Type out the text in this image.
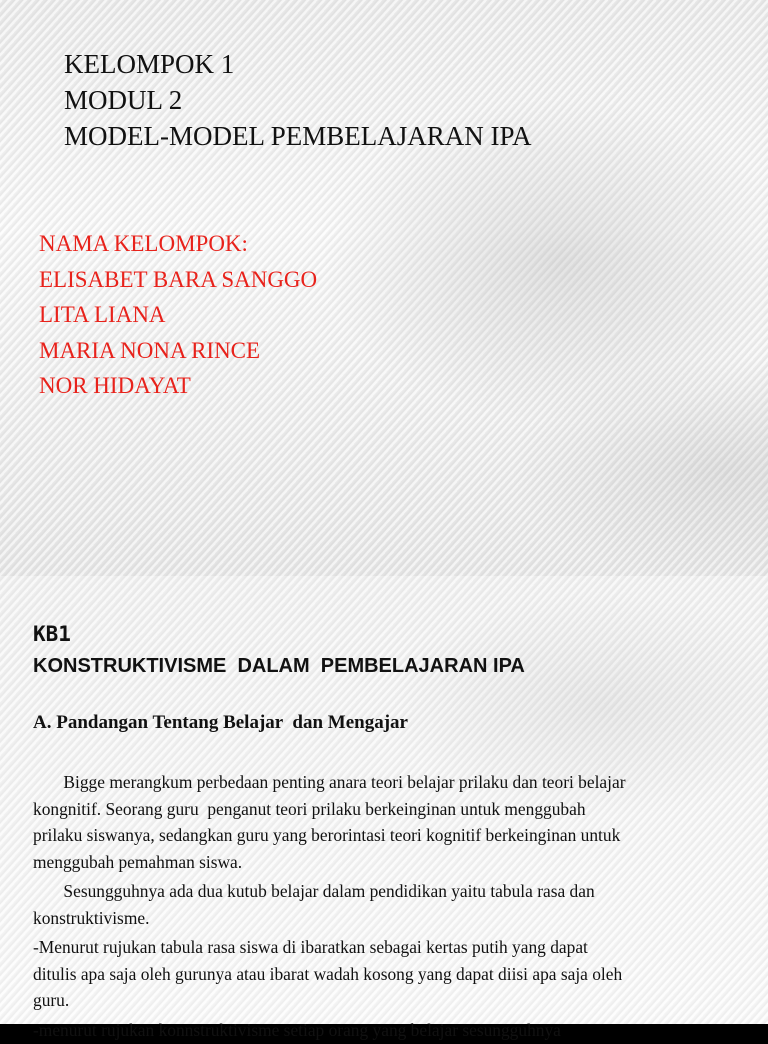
KELOMPOK 1
MODUL 2
MODEL-MODEL PEMBELAJARAN IPA
NAMA KELOMPOK:
ELISABET BARA SANGGO
LITA LIANA
MARIA NONA RINCE
NOR HIDAYAT
KB1
KONSTRUKTIVISME  DALAM  PEMBELAJARAN IPA
A. Pandangan Tentang Belajar  dan Mengajar
Bigge merangkum perbedaan penting anara teori belajar prilaku dan teori belajar
kongnitif. Seorang guru  penganut teori prilaku berkeinginan untuk menggubah
prilaku siswanya, sedangkan guru yang berorintasi teori kognitif berkeinginan untuk
menggubah pemahman siswa.
Sesungguhnya ada dua kutub belajar dalam pendidikan yaitu tabula rasa dan
konstruktivisme.
-Menurut rujukan tabula rasa siswa di ibaratkan sebagai kertas putih yang dapat
ditulis apa saja oleh gurunya atau ibarat wadah kosong yang dapat diisi apa saja oleh
guru.
-menurut rujukan konnstruktivisme setiap orang yang belajar sesungguhnya
